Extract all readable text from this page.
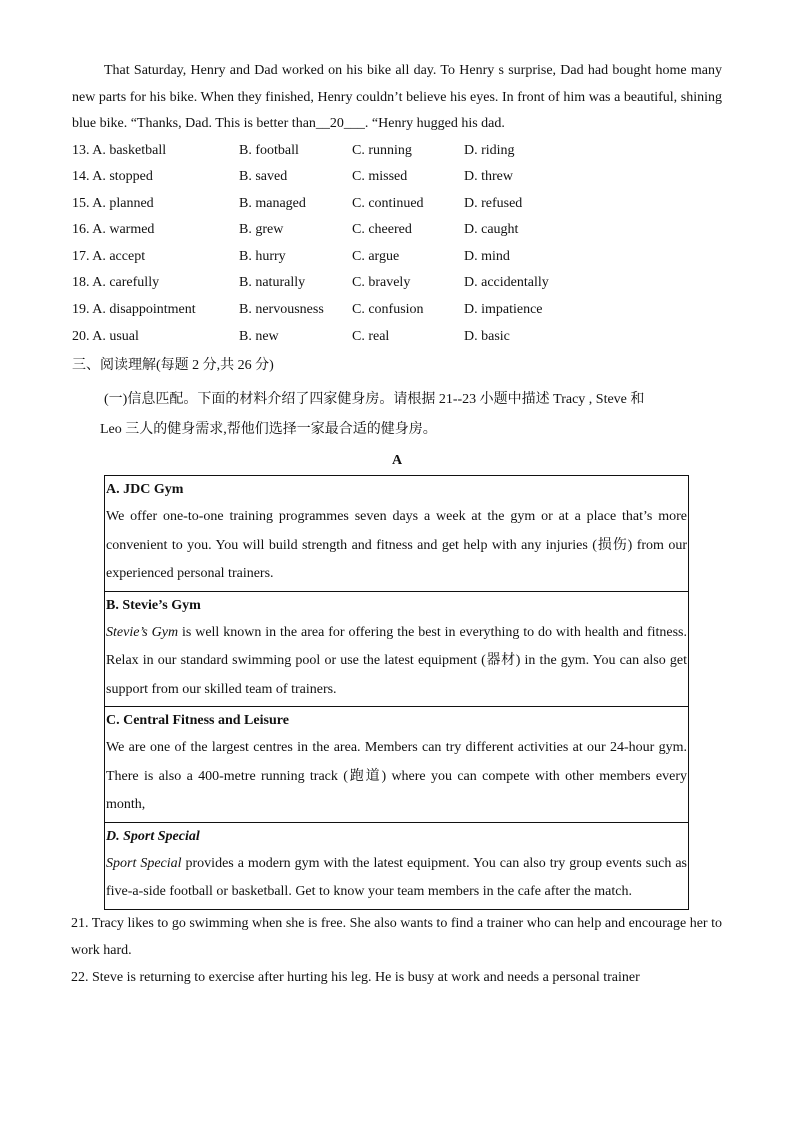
That Saturday, Henry and Dad worked on his bike all day. To Henry s surprise, Dad had bought home many new parts for his bike. When they finished, Henry couldn’t believe his eyes. In front of him was a beautiful, shining blue bike. “Thanks, Dad. This is better than__20___. “Henry hugged his dad.

13. A. basketball	B. football	C. running	D. riding
14. A. stopped	B. saved	C. missed	D. threw
15. A. planned	B. managed	C. continued	D. refused
16. A. warmed	B. grew	C. cheered	D. caught
17. A. accept	B. hurry	C. argue	D. mind
18. A. carefully	B. naturally	C. bravely	D. accidentally
19. A. disappointment	B. nervousness	C. confusion	D. impatience
20. A. usual	B. new	C. real	D. basic

三、阅读理解(每题 2 分,共 26 分)

(一)信息匹配。下面的材料介绍了四家健身房。请根据 21--23 小题中描述 Tracy , Steve 和

Leo 三人的健身需求,帮他们选择一家最合适的健身房。

A
A. JDC Gym

We offer one-to-one training programmes seven days a week at the gym or at a place that’s more convenient to you. You will build strength and fitness and get help with any injuries (损伤) from our experienced personal trainers.

B. Stevie’s Gym

Stevie’s Gym is well known in the area for offering the best in everything to do with health and fitness. Relax in our standard swimming pool or use the latest equipment (器材) in the gym. You can also get support from our skilled team of trainers.

C. Central Fitness and Leisure

We are one of the largest centres in the area. Members can try different activities at our 24-hour gym. There is also a 400-metre running track (跑道) where you can compete with other members every month,

D. Sport Special

Sport Special provides a modern gym with the latest equipment. You can also try group events such as five-a-side football or basketball. Get to know your team members in the cafe after the match.

21. Tracy likes to go swimming when she is free. She also wants to find a trainer who can help and encourage her to work hard.

22. Steve is returning to exercise after hurting his leg. He is busy at work and needs a personal trainer
